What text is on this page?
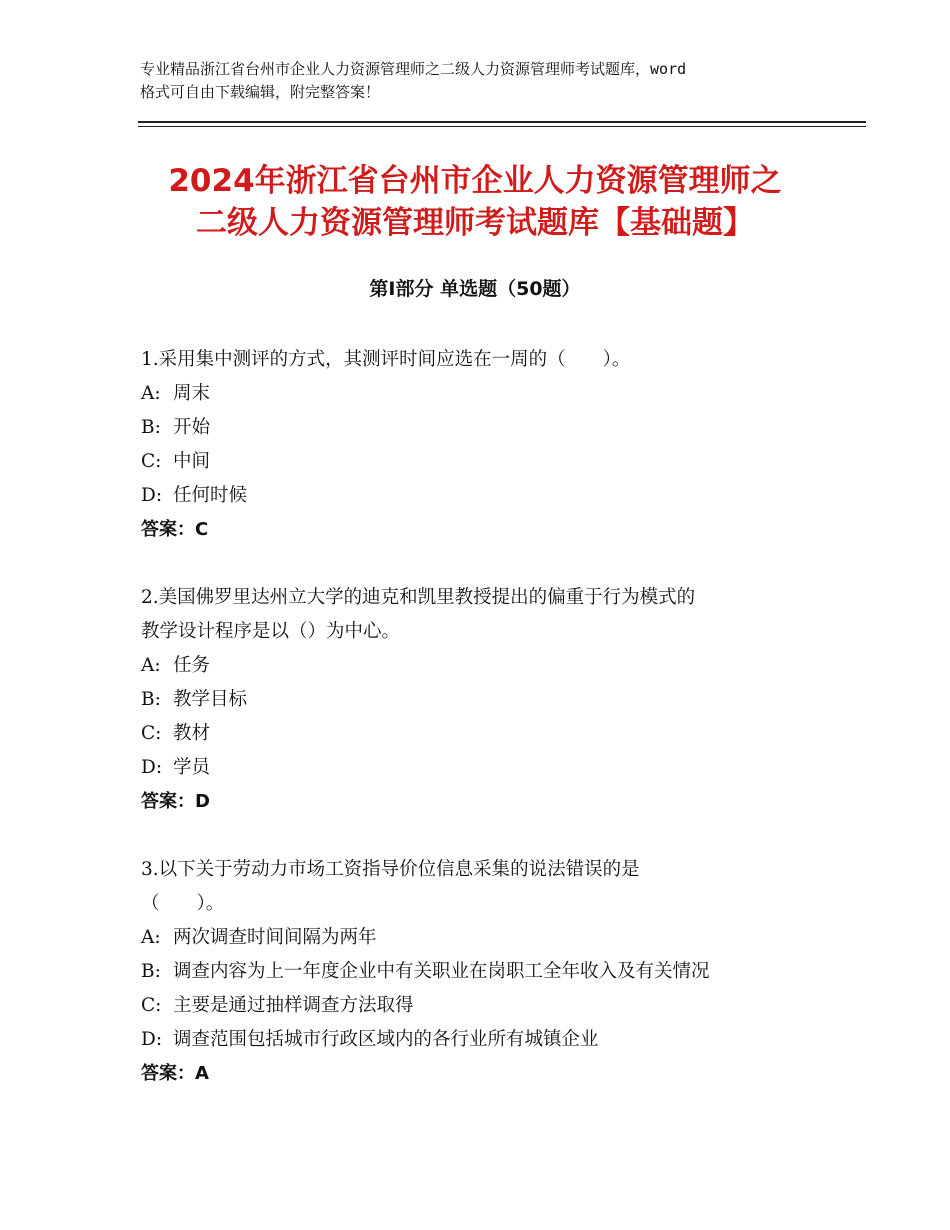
专业精品浙江省台州市企业人力资源管理师之二级人力资源管理师考试题库，word
格式可自由下载编辑，附完整答案！
2024年浙江省台州市企业人力资源管理师之
二级人力资源管理师考试题库【基础题】
第Ⅰ部分 单选题（50题）
1.采用集中测评的方式，其测评时间应选在一周的（　　）。
A: 周末
B: 开始
C: 中间
D: 任何时候
答案：C
2.美国佛罗里达州立大学的迪克和凯里教授提出的偏重于行为模式的
教学设计程序是以（）为中心。
A: 任务
B: 教学目标
C: 教材
D: 学员
答案：D
3.以下关于劳动力市场工资指导价位信息采集的说法错误的是
（　　）。
A: 两次调查时间间隔为两年
B: 调查内容为上一年度企业中有关职业在岗职工全年收入及有关情况
C: 主要是通过抽样调查方法取得
D: 调查范围包括城市行政区域内的各行业所有城镇企业
答案：A
